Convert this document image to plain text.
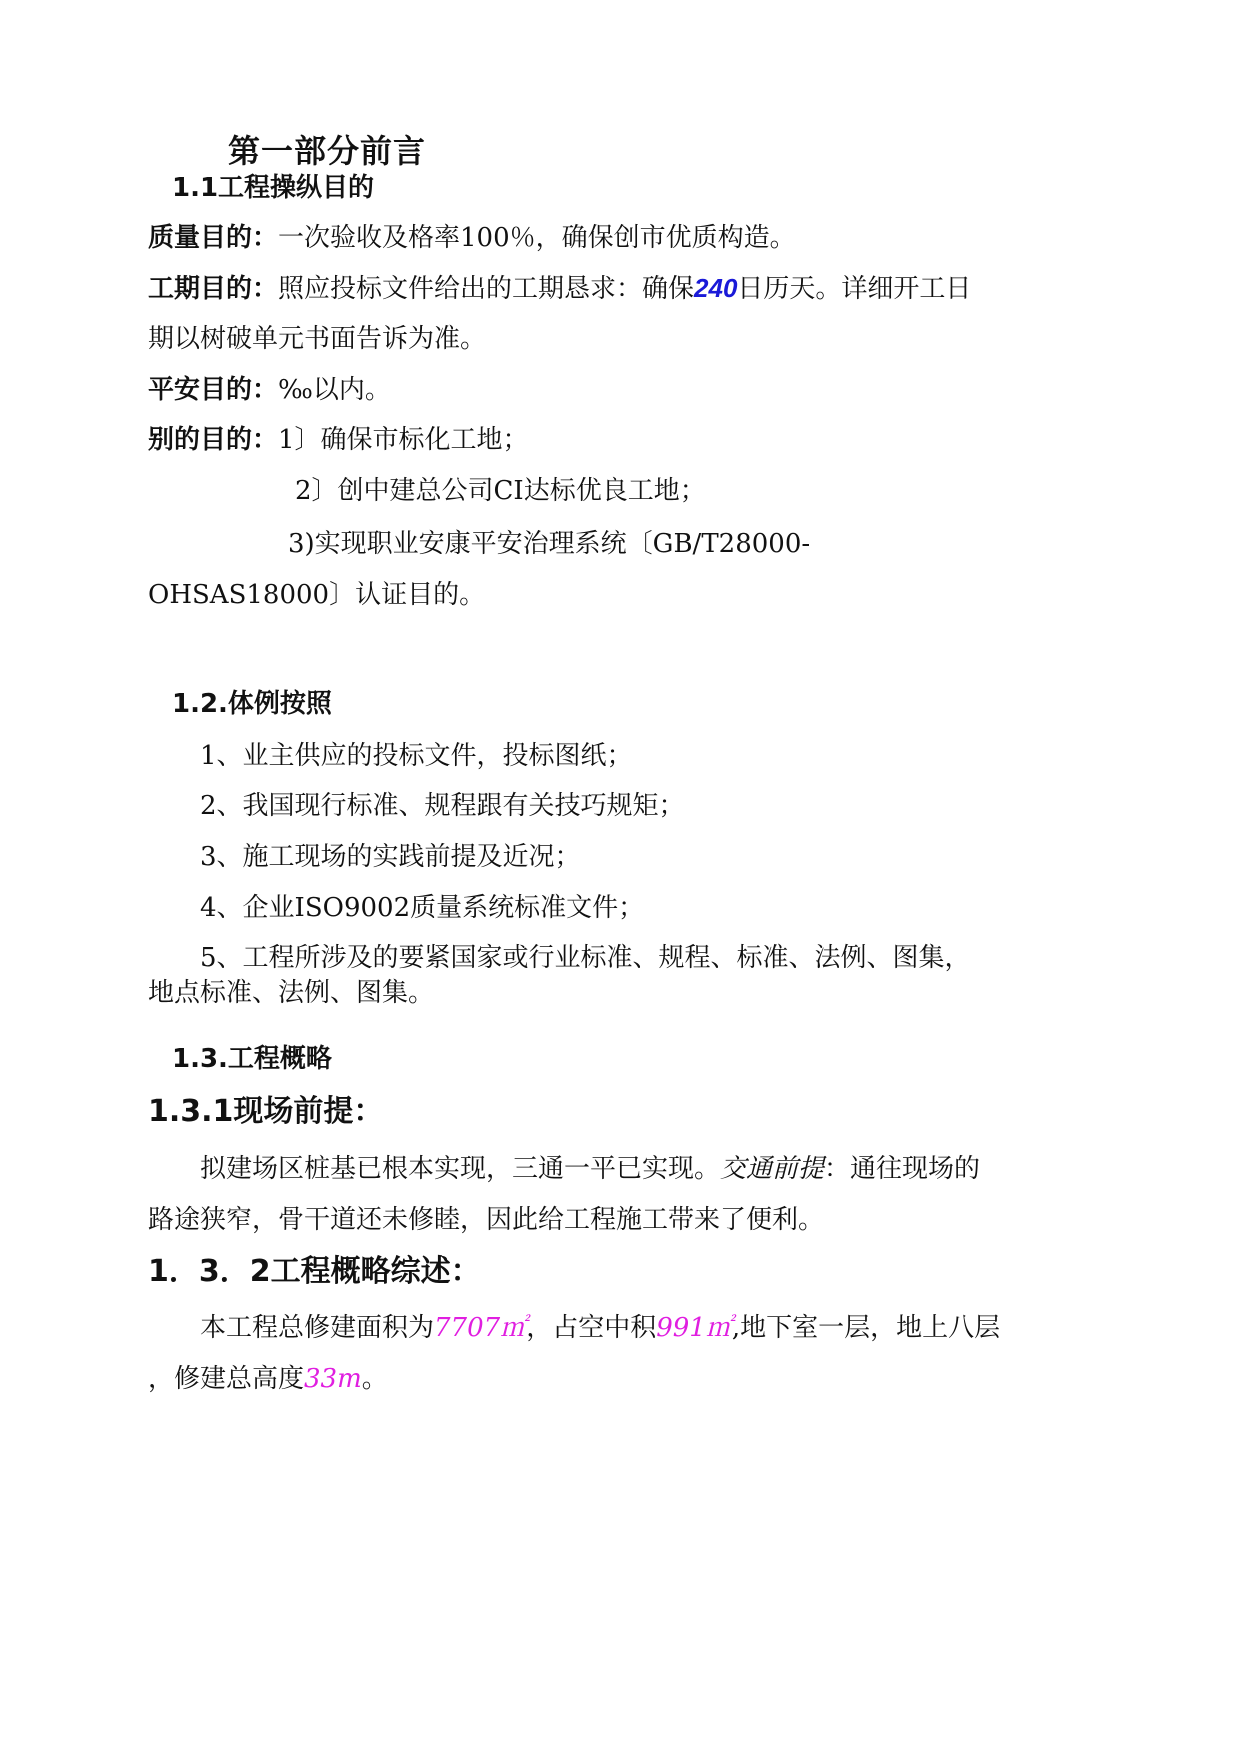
第一部分前言
1.1工程操纵目的
质量目的：一次验收及格率100％，确保创市优质构造。
工期目的：照应投标文件给出的工期恳求：确保240日历天。详细开工日
期以树破单元书面告诉为准。
平安目的：‰以内。
别的目的：1〕确保市标化工地；
2〕创中建总公司CI达标优良工地；
3)实现职业安康平安治理系统〔GB/T28000-
OHSAS18000〕认证目的。
1.2.体例按照
1、业主供应的投标文件，投标图纸；
2、我国现行标准、规程跟有关技巧规矩；
3、施工现场的实践前提及近况；
4、企业ISO9002质量系统标准文件；
5、工程所涉及的要紧国家或行业标准、规程、标准、法例、图集，
地点标准、法例、图集。
1.3.工程概略
1.3.1现场前提：
拟建场区桩基已根本实现，三通一平已实现。交通前提：通往现场的
路途狭窄，骨干道还未修睦，因此给工程施工带来了便利。
1．3．2工程概略综述：
本工程总修建面积为7707㎡，占空中积991㎡,地下室一层，地上八层
，修建总高度33m。
